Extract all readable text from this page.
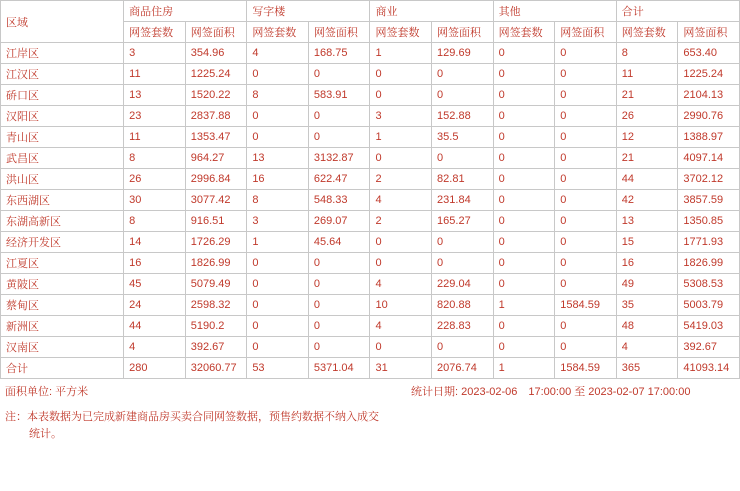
区域	商品住房		写字楼		商业		其他		合计	
	网签套数	网签面积	网签套数	网签面积	网签套数	网签面积	网签套数	网签面积	网签套数	网签面积
江岸区	3	354.96	4	168.75	1	129.69	0	0	8	653.40
江汉区	11	1225.24	0	0	0	0	0	0	11	1225.24
硚口区	13	1520.22	8	583.91	0	0	0	0	21	2104.13
汉阳区	23	2837.88	0	0	3	152.88	0	0	26	2990.76
青山区	11	1353.47	0	0	1	35.5	0	0	12	1388.97
武昌区	8	964.27	13	3132.87	0	0	0	0	21	4097.14
洪山区	26	2996.84	16	622.47	2	82.81	0	0	44	3702.12
东西湖区	30	3077.42	8	548.33	4	231.84	0	0	42	3857.59
东湖高新区	8	916.51	3	269.07	2	165.27	0	0	13	1350.85
经济开发区	14	1726.29	1	45.64	0	0	0	0	15	1771.93
江夏区	16	1826.99	0	0	0	0	0	0	16	1826.99
黄陂区	45	5079.49	0	0	4	229.04	0	0	49	5308.53
蔡甸区	24	2598.32	0	0	10	820.88	1	1584.59	35	5003.79
新洲区	44	5190.2	0	0	4	228.83	0	0	48	5419.03
汉南区	4	392.67	0	0	0	0	0	0	4	392.67
合计	280	32060.77	53	5371.04	31	2076.74	1	1584.59	365	41093.14
面积单位: 平方米	统计日期: 2023-02-06　17:00:00 至 2023-02-07 17:00:00
注：本表数据为已完成新建商品房买卖合同网签数据，预售约数据不纳入成交
统计。
